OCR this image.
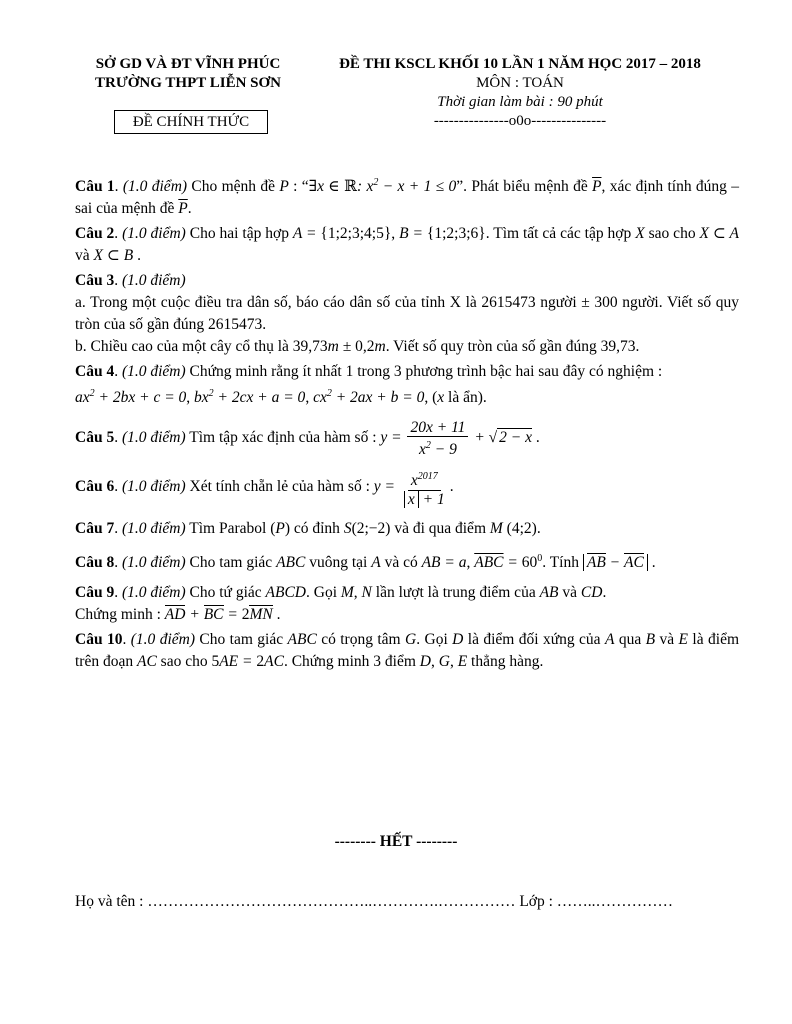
SỞ GD VÀ ĐT VĨNH PHÚC
TRƯỜNG THPT LIỄN SƠN
ĐỀ CHÍNH THỨC
ĐỀ THI KSCL KHỐI 10 LẦN 1 NĂM HỌC 2017 – 2018
MÔN : TOÁN
Thời gian làm bài : 90 phút
---------------o0o---------------

Câu 1. (1.0 điểm) Cho mệnh đề P : “∃x ∈ ℝ: $x^2 - x + 1 \le 0$”. Phát biểu mệnh đề $\overline{P}$, xác định tính đúng – sai của mệnh đề $\overline{P}$.

Câu 2. (1.0 điểm) Cho hai tập hợp A = {1;2;3;4;5}, B = {1;2;3;6}. Tìm tất cả các tập hợp X sao cho X ⊂ A và X ⊂ B .

Câu 3. (1.0 điểm)
a. Trong một cuộc điều tra dân số, báo cáo dân số của tỉnh X là 2615473 người ± 300 người. Viết số quy tròn của số gần đúng 2615473.
b. Chiều cao của một cây cổ thụ là 39,73m ± 0,2m. Viết số quy tròn của số gần đúng 39,73.

Câu 4. (1.0 điểm) Chứng minh rằng ít nhất 1 trong 3 phương trình bậc hai sau đây có nghiệm :
$ax^2 + 2bx + c = 0$, $bx^2 + 2cx + a = 0$, $cx^2 + 2ax + b = 0$, (x là ẩn).

Câu 5. (1.0 điểm) Tìm tập xác định của hàm số : $y = \frac{20x + 11}{x^2 - 9}$ + √ 2 − x .

Câu 6. (1.0 điểm) Xét tính chẵn lẻ của hàm số : $y = \frac{x^{2017}}{x + 1}$ .

Câu 7. (1.0 điểm) Tìm Parabol (P) có đỉnh S(2;−2) và đi qua điểm M (4;2).

Câu 8. (1.0 điểm) Cho tam giác ABC vuông tại A và có AB = a, $\overline{ABC} = 60^0$. Tính AB − AC .

Câu 9. (1.0 điểm) Cho tứ giác ABCD. Gọi M, N lần lượt là trung điểm của AB và CD.
Chứng minh : AD + BC = 2MN .

Câu 10. (1.0 điểm) Cho tam giác ABC có trọng tâm G. Gọi D là điểm đối xứng của A qua B và E là điểm trên đoạn AC sao cho 5AE = 2AC. Chứng minh 3 điểm D, G, E thẳng hàng.

-------- HẾT --------
Họ và tên : ……………………………………..………….…………… Lớp : ……..……………
